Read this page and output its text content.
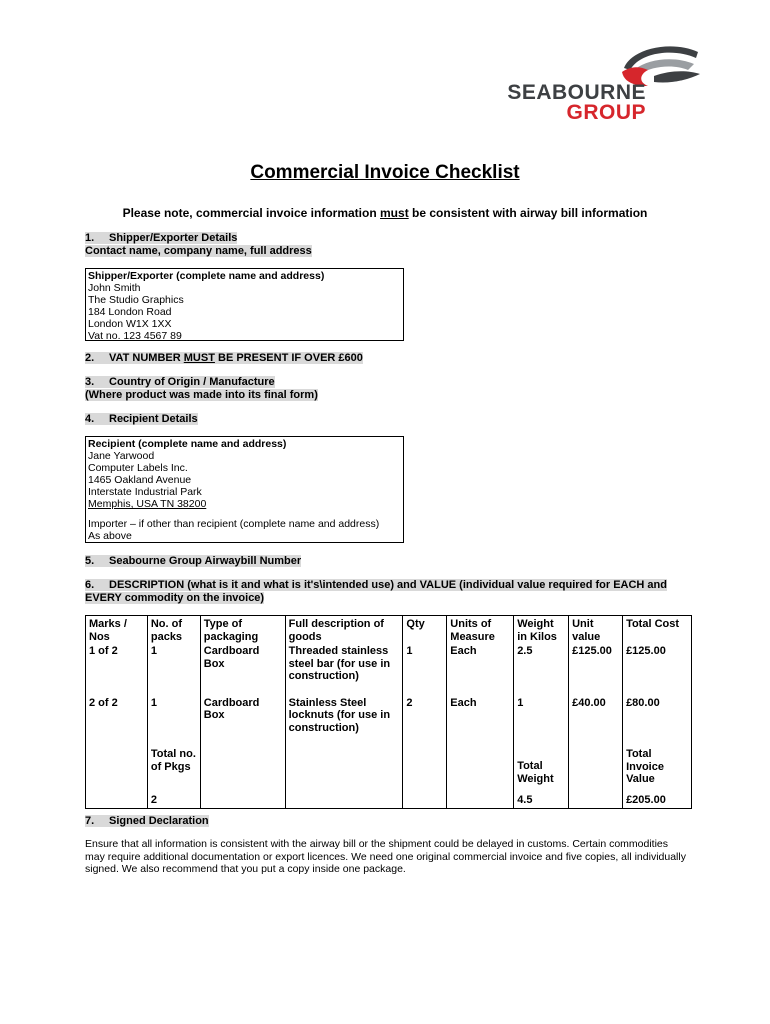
SEABOURNE
GROUP
Commercial Invoice Checklist
Please note, commercial invoice information must be consistent with airway bill information
1. Shipper/Exporter Details
Contact name, company name, full address
Shipper/Exporter (complete name and address)
John Smith
The Studio Graphics
184 London Road
London W1X 1XX
Vat no. 123 4567 89
2. VAT NUMBER MUST BE PRESENT IF OVER £600
3. Country of Origin / Manufacture
(Where product was made into its final form)
4. Recipient Details
Recipient (complete name and address)
Jane Yarwood
Computer Labels Inc.
1465 Oakland Avenue
Interstate Industrial Park
Memphis, USA TN 38200
Importer – if other than recipient (complete name and address)
As above
5. Seabourne Group Airwaybill Number
6. DESCRIPTION (what is it and what is it's\intended use) and VALUE (individual value required for EACH and
EVERY commodity on the invoice)
Marks / Nos	No. of packs	Type of packaging	Full description of goods	Qty	Units of Measure	Weight in Kilos	Unit value	Total Cost
1 of 2	1	Cardboard Box	Threaded stainless steel bar (for use in construction)	1	Each	2.5	£125.00	£125.00
2 of 2	1	Cardboard Box	Stainless Steel locknuts (for use in construction)	2	Each	1	£40.00	£80.00
	Total no. of Pkgs					Total Weight		Total Invoice Value
	2					4.5		£205.00
7. Signed Declaration
Ensure that all information is consistent with the airway bill or the shipment could be delayed in customs. Certain commodities may require additional documentation or export licences. We need one original commercial invoice and five copies, all individually signed. We also recommend that you put a copy inside one package.
